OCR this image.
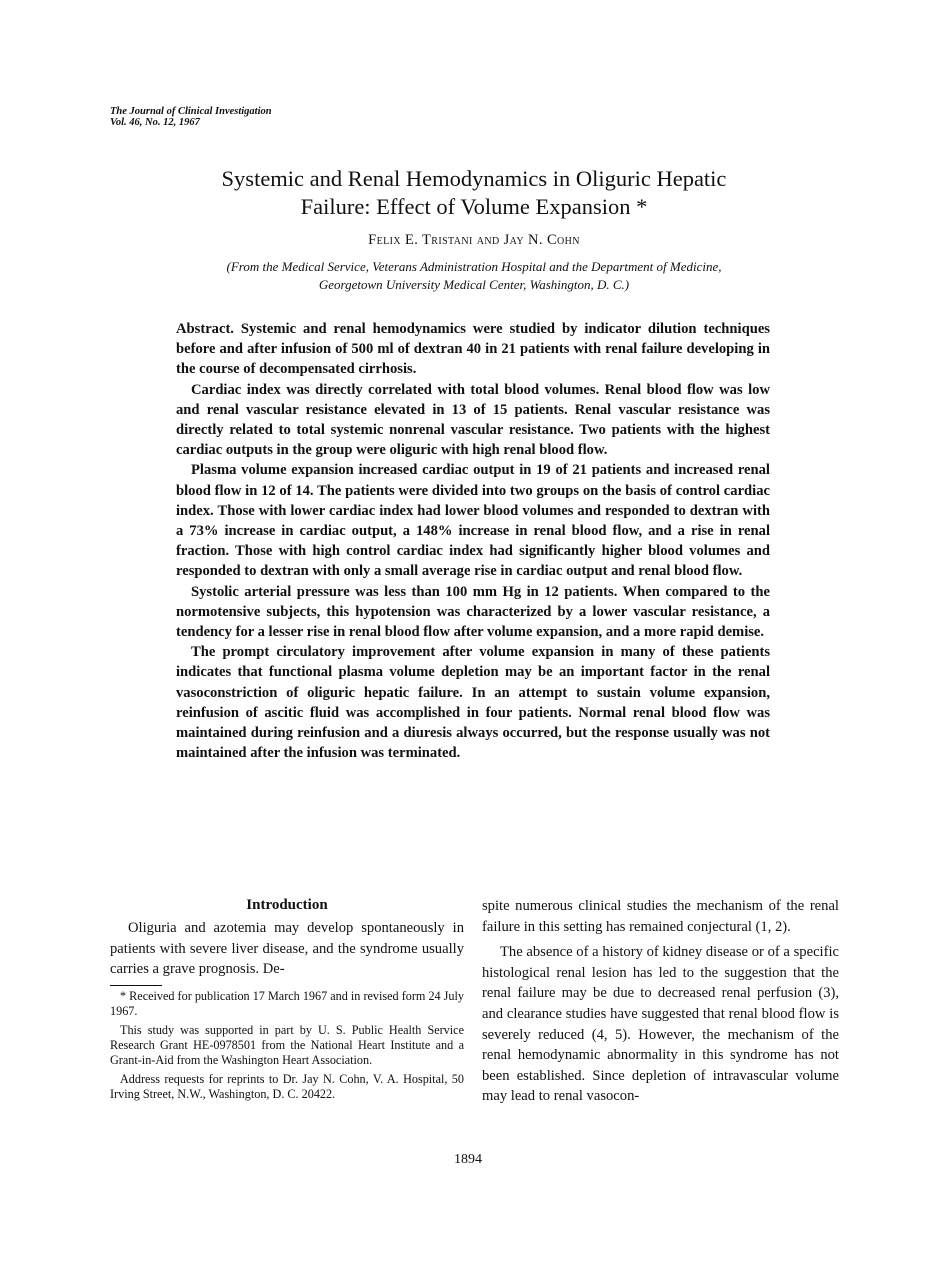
The Journal of Clinical Investigation
Vol. 46, No. 12, 1967
Systemic and Renal Hemodynamics in Oliguric Hepatic
Failure: Effect of Volume Expansion *
Felix E. Tristani and Jay N. Cohn
(From the Medical Service, Veterans Administration Hospital and the Department of Medicine,
Georgetown University Medical Center, Washington, D. C.)

Abstract. Systemic and renal hemodynamics were studied by indicator dilution techniques before and after infusion of 500 ml of dextran 40 in 21 patients with renal failure developing in the course of decompensated cirrhosis.

Cardiac index was directly correlated with total blood volumes. Renal blood flow was low and renal vascular resistance elevated in 13 of 15 patients. Renal vascular resistance was directly related to total systemic nonrenal vascular resistance. Two patients with the highest cardiac outputs in the group were oliguric with high renal blood flow.

Plasma volume expansion increased cardiac output in 19 of 21 patients and increased renal blood flow in 12 of 14. The patients were divided into two groups on the basis of control cardiac index. Those with lower cardiac index had lower blood volumes and responded to dextran with a 73% increase in cardiac output, a 148% increase in renal blood flow, and a rise in renal fraction. Those with high control cardiac index had significantly higher blood volumes and responded to dextran with only a small average rise in cardiac output and renal blood flow.

Systolic arterial pressure was less than 100 mm Hg in 12 patients. When compared to the normotensive subjects, this hypotension was characterized by a lower vascular resistance, a tendency for a lesser rise in renal blood flow after volume expansion, and a more rapid demise.

The prompt circulatory improvement after volume expansion in many of these patients indicates that functional plasma volume depletion may be an important factor in the renal vasoconstriction of oliguric hepatic failure. In an attempt to sustain volume expansion, reinfusion of ascitic fluid was accomplished in four patients. Normal renal blood flow was maintained during reinfusion and a diuresis always occurred, but the response usually was not maintained after the infusion was terminated.

Introduction

Oliguria and azotemia may develop spontaneously in patients with severe liver disease, and the syndrome usually carries a grave prognosis. De-

* Received for publication 17 March 1967 and in revised form 24 July 1967.

This study was supported in part by U. S. Public Health Service Research Grant HE-0978501 from the National Heart Institute and a Grant-in-Aid from the Washington Heart Association.

Address requests for reprints to Dr. Jay N. Cohn, V. A. Hospital, 50 Irving Street, N.W., Washington, D. C. 20422.

spite numerous clinical studies the mechanism of the renal failure in this setting has remained conjectural (1, 2).

The absence of a history of kidney disease or of a specific histological renal lesion has led to the suggestion that the renal failure may be due to decreased renal perfusion (3), and clearance studies have suggested that renal blood flow is severely reduced (4, 5). However, the mechanism of the renal hemodynamic abnormality in this syndrome has not been established. Since depletion of intravascular volume may lead to renal vasocon-

1894
